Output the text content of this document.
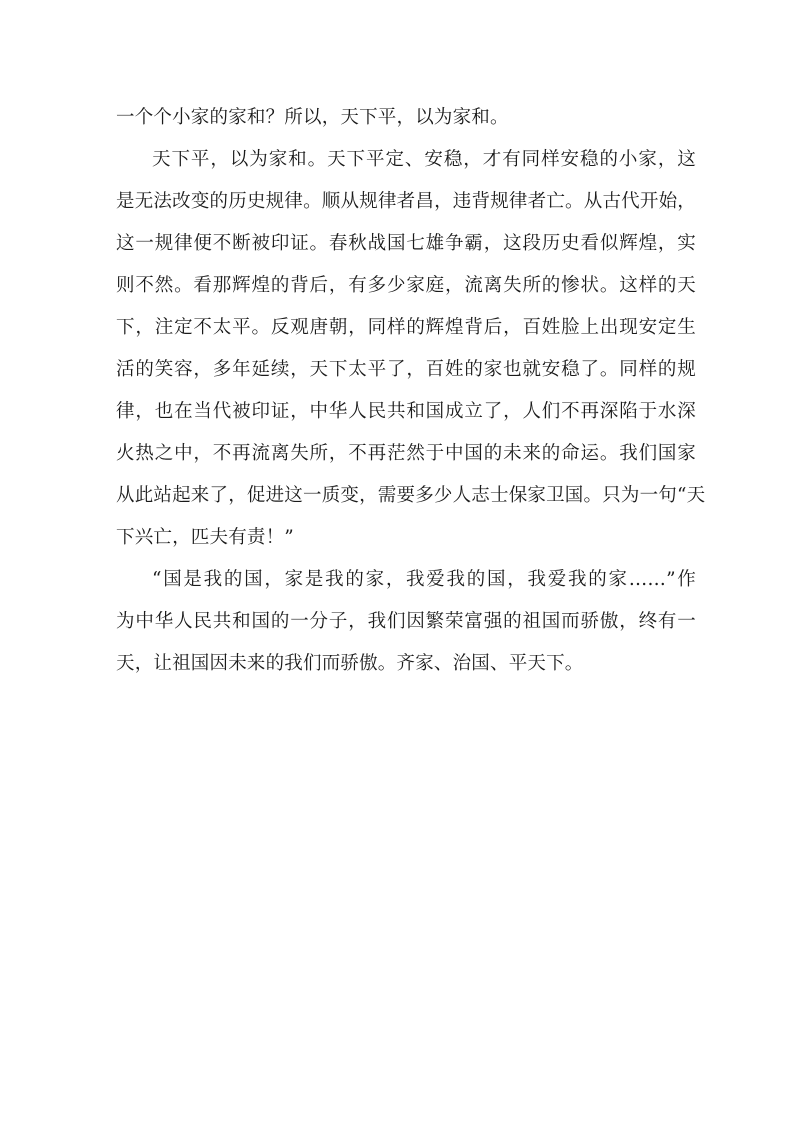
一个个小家的家和？所以，天下平，以为家和。
天下平，以为家和。天下平定、安稳，才有同样安稳的小家，这
是无法改变的历史规律。顺从规律者昌，违背规律者亡。从古代开始，
这一规律便不断被印证。春秋战国七雄争霸，这段历史看似辉煌，实
则不然。看那辉煌的背后，有多少家庭，流离失所的惨状。这样的天
下，注定不太平。反观唐朝，同样的辉煌背后，百姓脸上出现安定生
活的笑容，多年延续，天下太平了，百姓的家也就安稳了。同样的规
律，也在当代被印证，中华人民共和国成立了，人们不再深陷于水深
火热之中，不再流离失所，不再茫然于中国的未来的命运。我们国家
从此站起来了，促进这一质变，需要多少人志士保家卫国。只为一句“天
下兴亡，匹夫有责！”
“国是我的国，家是我的家，我爱我的国，我爱我的家……”作
为中华人民共和国的一分子，我们因繁荣富强的祖国而骄傲，终有一
天，让祖国因未来的我们而骄傲。齐家、治国、平天下。
